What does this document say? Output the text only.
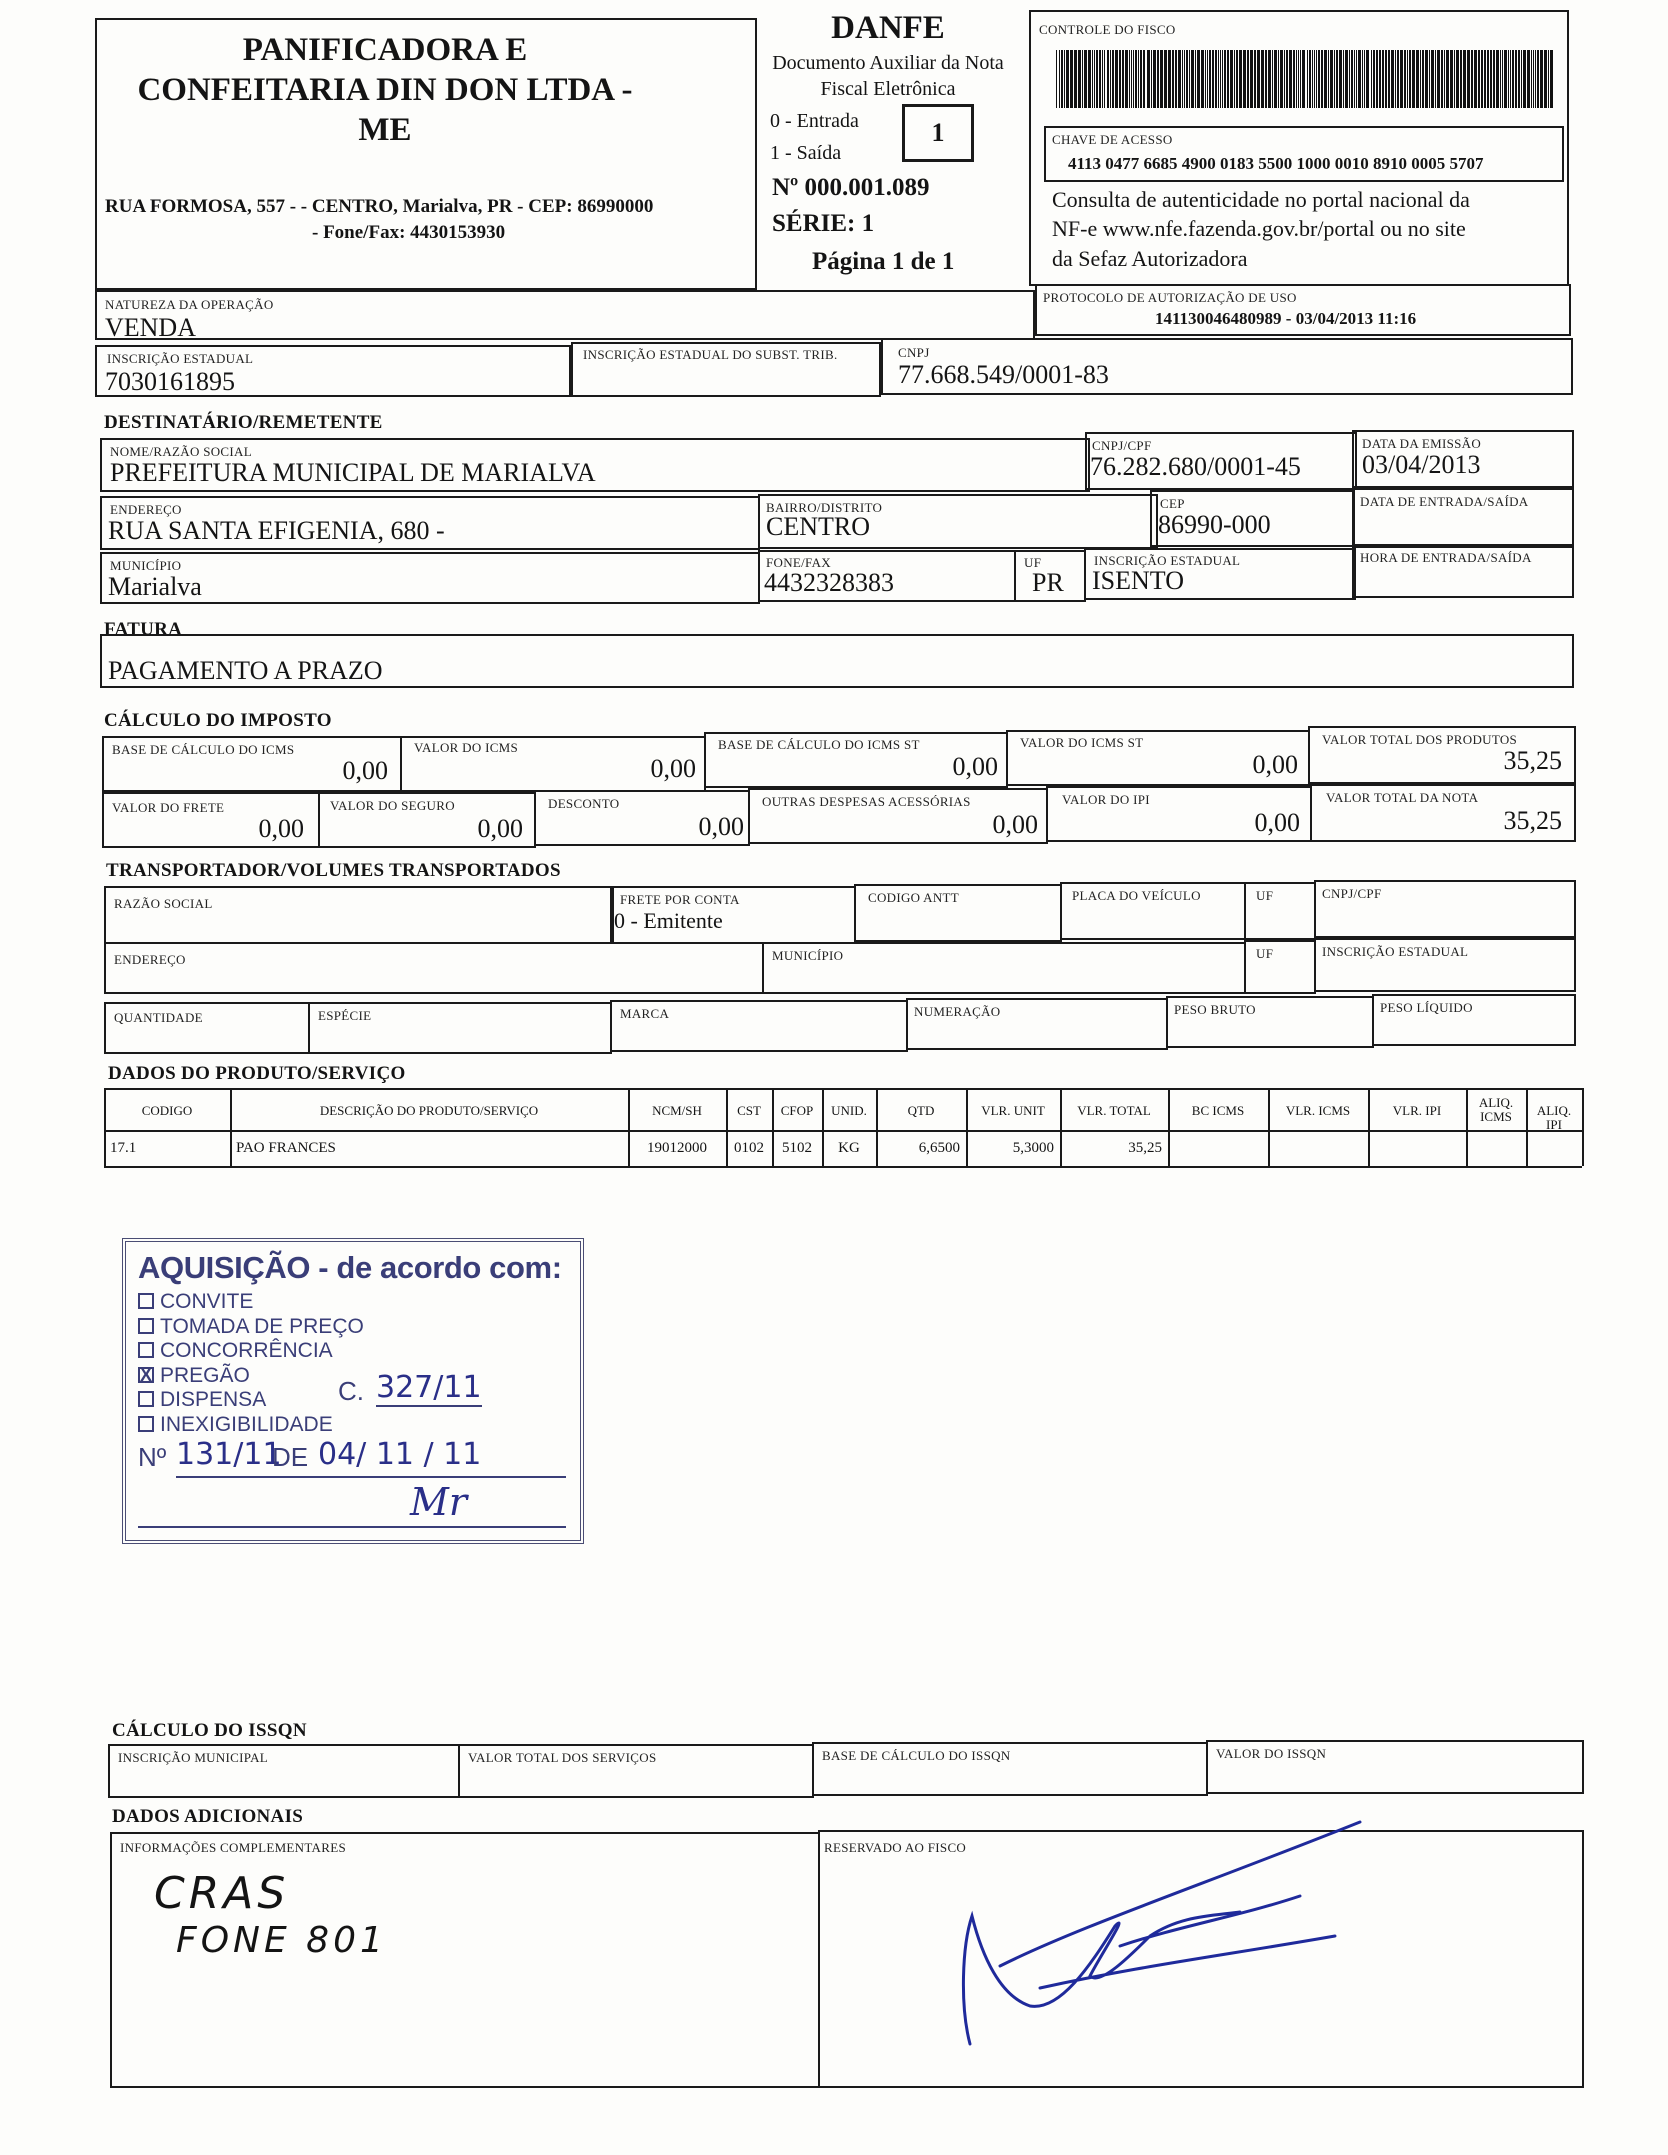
PANIFICADORA E
CONFEITARIA DIN DON LTDA -
ME
RUA FORMOSA, 557 - - CENTRO, Marialva, PR - CEP: 86990000
- Fone/Fax: 4430153930
DANFE
Documento Auxiliar da Nota
Fiscal Eletrônica
0 - Entrada
1 - Saída
1
Nº 000.001.089
SÉRIE: 1
Página 1 de 1
CONTROLE DO FISCO
CHAVE DE ACESSO
4113 0477 6685 4900 0183 5500 1000 0010 8910 0005 5707
Consulta de autenticidade no portal nacional da
NF-e www.nfe.fazenda.gov.br/portal ou no site
da Sefaz Autorizadora
NATUREZA DA OPERAÇÃO
VENDA
PROTOCOLO DE AUTORIZAÇÃO DE USO
141130046480989 - 03/04/2013 11:16
INSCRIÇÃO ESTADUAL
7030161895
INSCRIÇÃO ESTADUAL DO SUBST. TRIB.	CNPJ
77.668.549/0001-83
DESTINATÁRIO/REMETENTE
NOME/RAZÃO SOCIAL
PREFEITURA MUNICIPAL DE MARIALVA
CNPJ/CPF
76.282.680/0001-45
DATA DA EMISSÃO
03/04/2013
ENDEREÇO
RUA SANTA EFIGENIA, 680 -
BAIRRO/DISTRITO
CENTRO
CEP
86990-000
DATA DE ENTRADA/SAÍDA
MUNICÍPIO
Marialva
FONE/FAX
4432328383
UF
PR
INSCRIÇÃO ESTADUAL
ISENTO
HORA DE ENTRADA/SAÍDA
FATURA
PAGAMENTO A PRAZO
CÁLCULO DO IMPOSTO
BASE DE CÁLCULO DO ICMS
0,00
VALOR DO ICMS
0,00
BASE DE CÁLCULO DO ICMS ST
0,00
VALOR DO ICMS ST
0,00
VALOR TOTAL DOS PRODUTOS
35,25
VALOR DO FRETE
0,00
VALOR DO SEGURO
0,00
DESCONTO
0,00
OUTRAS DESPESAS ACESSÓRIAS
0,00
VALOR DO IPI
0,00
VALOR TOTAL DA NOTA
35,25
TRANSPORTADOR/VOLUMES TRANSPORTADOS
RAZÃO SOCIAL	FRETE POR CONTA
0 - Emitente
CODIGO ANTT	PLACA DO VEÍCULO	UF	CNPJ/CPF
ENDEREÇO	MUNICÍPIO	UF	INSCRIÇÃO ESTADUAL
QUANTIDADE	ESPÉCIE	MARCA	NUMERAÇÃO	PESO BRUTO	PESO LÍQUIDO
DADOS DO PRODUTO/SERVIÇO
CODIGO	DESCRIÇÃO DO PRODUTO/SERVIÇO	NCM/SH	CST	CFOP	UNID.	QTD	VLR. UNIT	VLR. TOTAL	BC ICMS	VLR. ICMS	VLR. IPI
ALIQ. ICMS	ALIQ. IPI
17.1	PAO FRANCES	19012000	0102	5102	KG	6,6500	5,3000	35,25
AQUISIÇÃO - de acordo com:
CONVITE
TOMADA DE PREÇO
CONCORRÊNCIA
X PREGÃO
DISPENSA
INEXIGIBILIDADE
C. 327/11
Nº 131/11
DE 04/ 11 / 11
Mr
CÁLCULO DO ISSQN
INSCRIÇÃO MUNICIPAL	VALOR TOTAL DOS SERVIÇOS	BASE DE CÁLCULO DO ISSQN	VALOR DO ISSQN
DADOS ADICIONAIS
INFORMAÇÕES COMPLEMENTARES
CRAS
FONE 801
RESERVADO AO FISCO
